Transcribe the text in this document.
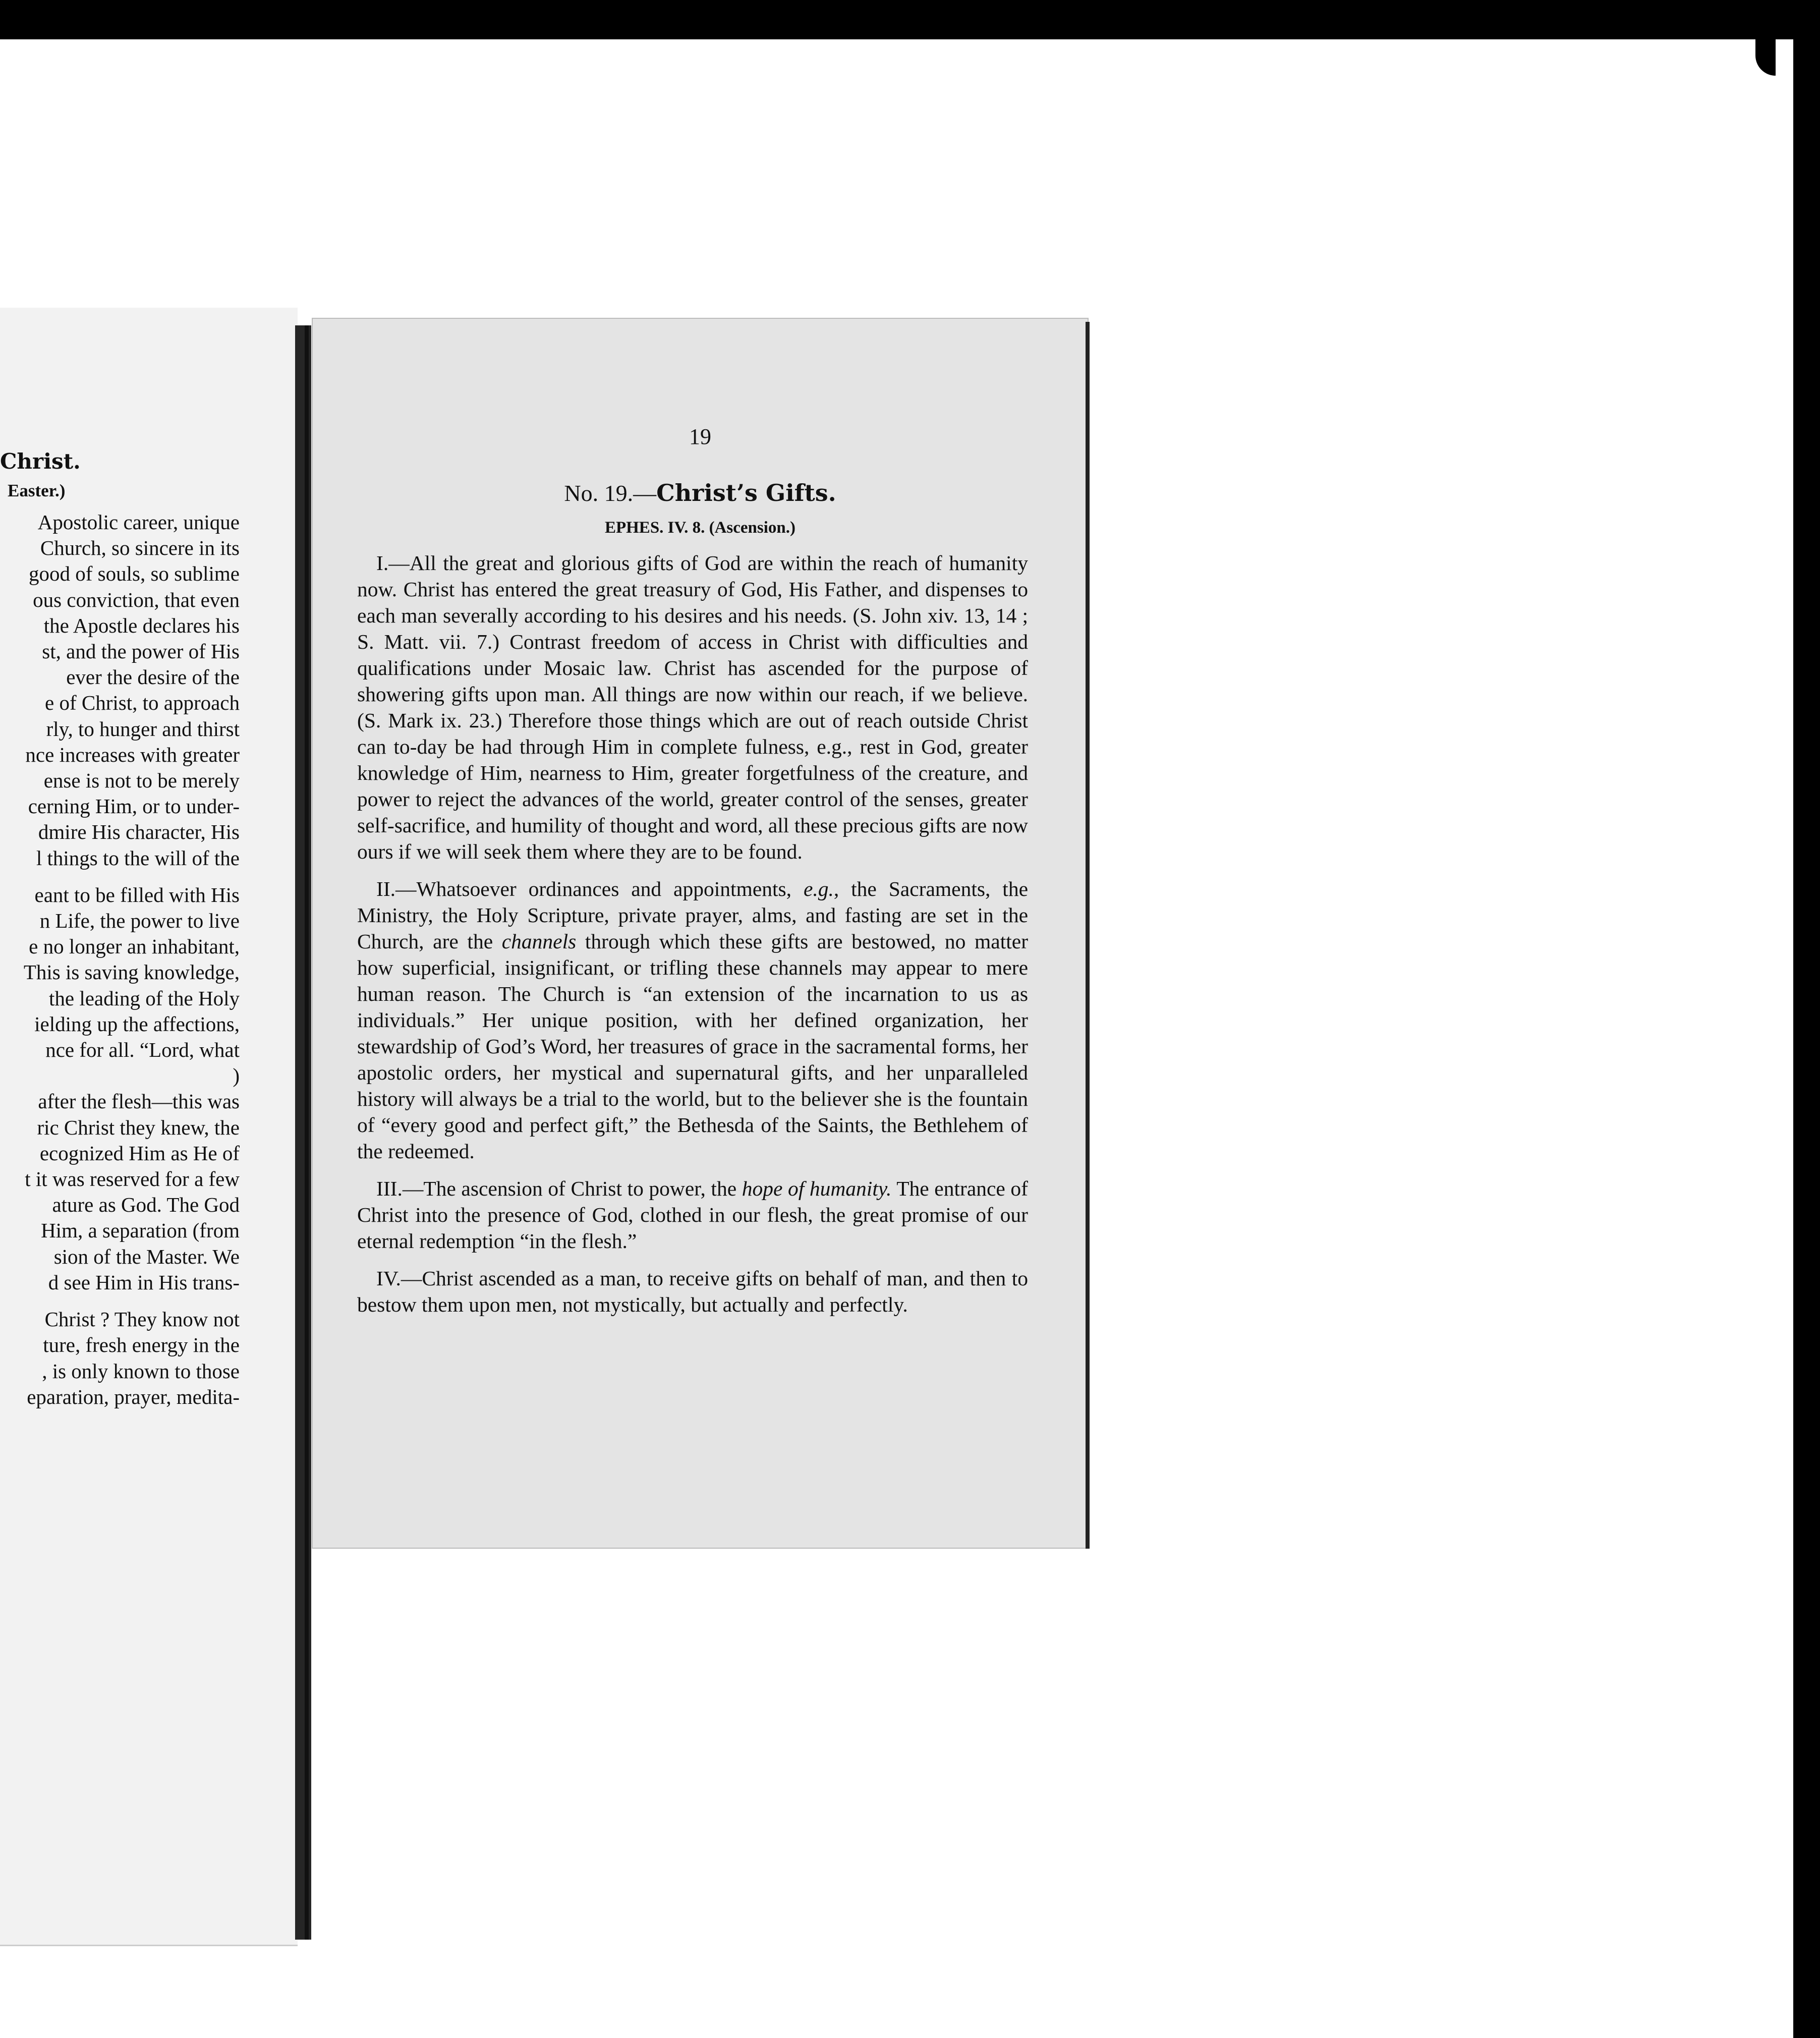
Christ.
Easter.)
Apostolic career, unique
Church, so sincere in its
good of souls, so sublime
ous conviction, that even
the Apostle declares his
st, and the power of His
ever the desire of the
e of Christ, to approach
rly, to hunger and thirst
nce increases with greater
ense is not to be merely
cerning Him, or to under-
dmire His character, His
l things to the will of the
eant to be filled with His
n Life, the power to live
e no longer an inhabitant,
This is saving knowledge,
the leading of the Holy
ielding up the affections,
nce for all. “Lord, what
)
after the flesh—this was
ric Christ they knew, the
ecognized Him as He of
t it was reserved for a few
ature as God. The God
Him, a separation (from
sion of the Master. We
d see Him in His trans-
Christ ? They know not
ture, fresh energy in the
, is only known to those
eparation, prayer, medita-
19
No. 19.—Christ’s Gifts.
EPHES. IV. 8. (Ascension.)

I.—All the great and glorious gifts of God are within the reach of humanity now. Christ has entered the great treasury of God, His Father, and dispenses to each man severally according to his desires and his needs. (S. John xiv. 13, 14 ; S. Matt. vii. 7.) Contrast freedom of access in Christ with difficulties and qualifications under Mosaic law. Christ has ascended for the purpose of showering gifts upon man. All things are now within our reach, if we believe. (S. Mark ix. 23.) Therefore those things which are out of reach outside Christ can to-day be had through Him in complete fulness, e.g., rest in God, greater knowledge of Him, nearness to Him, greater forgetfulness of the creature, and power to reject the advances of the world, greater control of the senses, greater self-sacrifice, and humility of thought and word, all these precious gifts are now ours if we will seek them where they are to be found.

II.—Whatsoever ordinances and appointments, e.g., the Sacraments, the Ministry, the Holy Scripture, private prayer, alms, and fasting are set in the Church, are the channels through which these gifts are bestowed, no matter how superficial, insignificant, or trifling these channels may appear to mere human reason. The Church is “an extension of the incarnation to us as individuals.” Her unique position, with her defined organization, her stewardship of God’s Word, her treasures of grace in the sacramental forms, her apostolic orders, her mystical and supernatural gifts, and her unparalleled history will always be a trial to the world, but to the believer she is the fountain of “every good and perfect gift,” the Bethesda of the Saints, the Bethlehem of the redeemed.

III.—The ascension of Christ to power, the hope of humanity. The entrance of Christ into the presence of God, clothed in our flesh, the great promise of our eternal redemption “in the flesh.”

IV.—Christ ascended as a man, to receive gifts on behalf of man, and then to bestow them upon men, not mystically, but actually and perfectly.
